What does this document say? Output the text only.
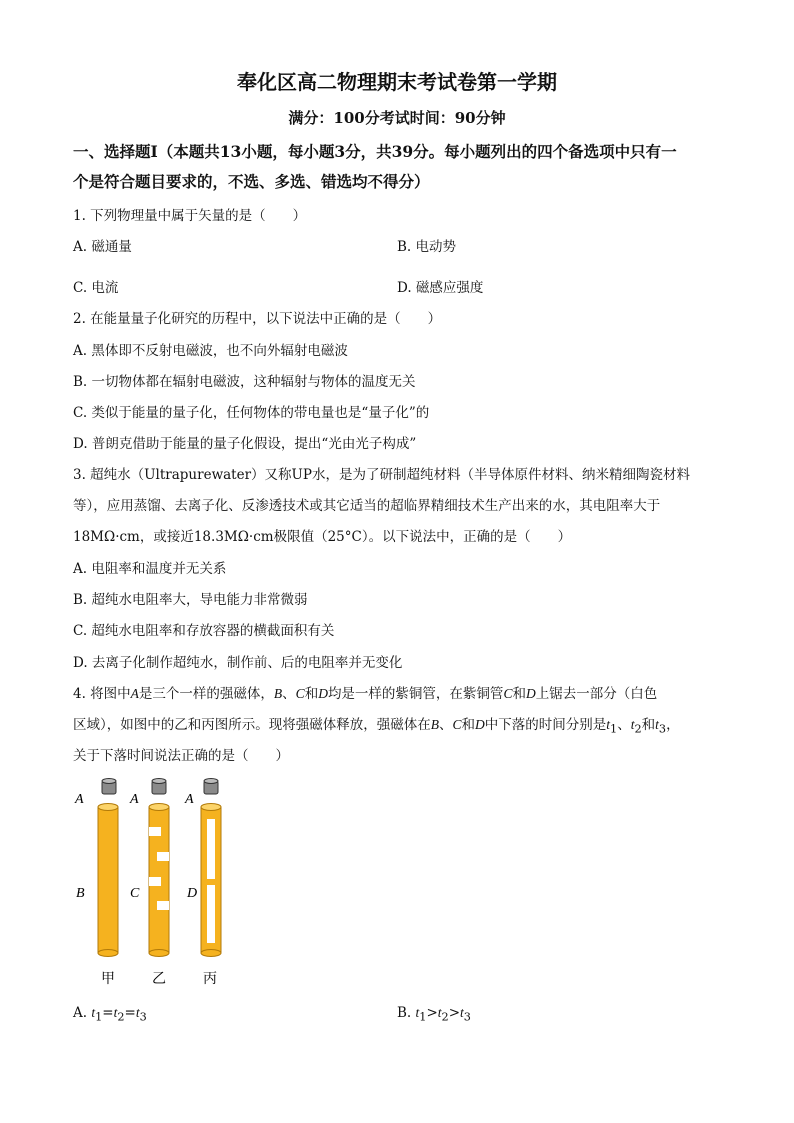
奉化区高二物理期末考试卷第一学期
满分：100分考试时间：90分钟
一、选择题Ⅰ（本题共13小题，每小题3分，共39分。每小题列出的四个备选项中只有一
个是符合题目要求的，不选、多选、错选均不得分）
1. 下列物理量中属于矢量的是（　　）
A. 磁通量	B. 电动势
C. 电流	D. 磁感应强度
2. 在能量量子化研究的历程中，以下说法中正确的是（　　）
A. 黑体即不反射电磁波，也不向外辐射电磁波
B. 一切物体都在辐射电磁波，这种辐射与物体的温度无关
C. 类似于能量的量子化，任何物体的带电量也是“量子化”的
D. 普朗克借助于能量的量子化假设，提出“光由光子构成”
3. 超纯水（Ultrapurewater）又称UP水，是为了研制超纯材料（半导体原件材料、纳米精细陶瓷材料
等），应用蒸馏、去离子化、反渗透技术或其它适当的超临界精细技术生产出来的水，其电阻率大于
18MΩ·cm，或接近18.3MΩ·cm极限值（25°C）。以下说法中，正确的是（　　）
A. 电阻率和温度并无关系
B. 超纯水电阻率大，导电能力非常微弱
C. 超纯水电阻率和存放容器的横截面积有关
D. 去离子化制作超纯水，制作前、后的电阻率并无变化
4. 将图中A是三个一样的强磁体，B、C和D均是一样的紫铜管，在紫铜管C和D上锯去一部分（白色
区域），如图中的乙和丙图所示。现将强磁体释放，强磁体在B、C和D中下落的时间分别是$t_1$、$t_2$和$t_3$，
关于下落时间说法正确的是（　　）
A	A	A
B	C	D
甲	乙	丙
A. $t_1=t_2=t_3$	B. $t_1>t_2>t_3$
